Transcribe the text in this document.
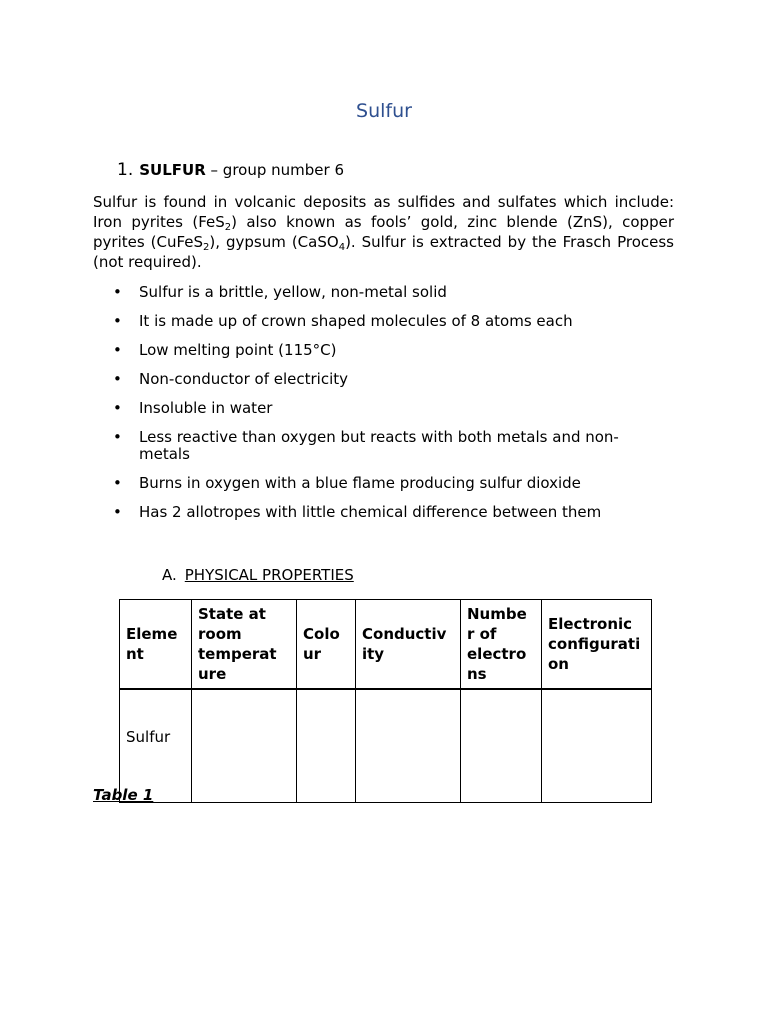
Sulfur
1. SULFUR – group number 6
Sulfur is found in volcanic deposits as sulfides and sulfates which include: Iron pyrites (FeS$_2$) also known as fools’ gold, zinc blende (ZnS), copper pyrites (CuFeS$_2$), gypsum (CaSO$_4$). Sulfur is extracted by the Frasch Process (not required).
• Sulfur is a brittle, yellow, non-metal solid
• It is made up of crown shaped molecules of 8 atoms each
• Low melting point (115°C)
• Non-conductor of electricity
• Insoluble in water
• Less reactive than oxygen but reacts with both metals and non-metals
• Burns in oxygen with a blue flame producing sulfur dioxide
• Has 2 allotropes with little chemical difference between them
A. PHYSICAL PROPERTIES
Eleme
nt	State at
room
temperat
ure	Colo
ur	Conductiv
ity	Numbe
r of
electro
ns	Electronic
configurati
on
Sulfur					
Table 1
